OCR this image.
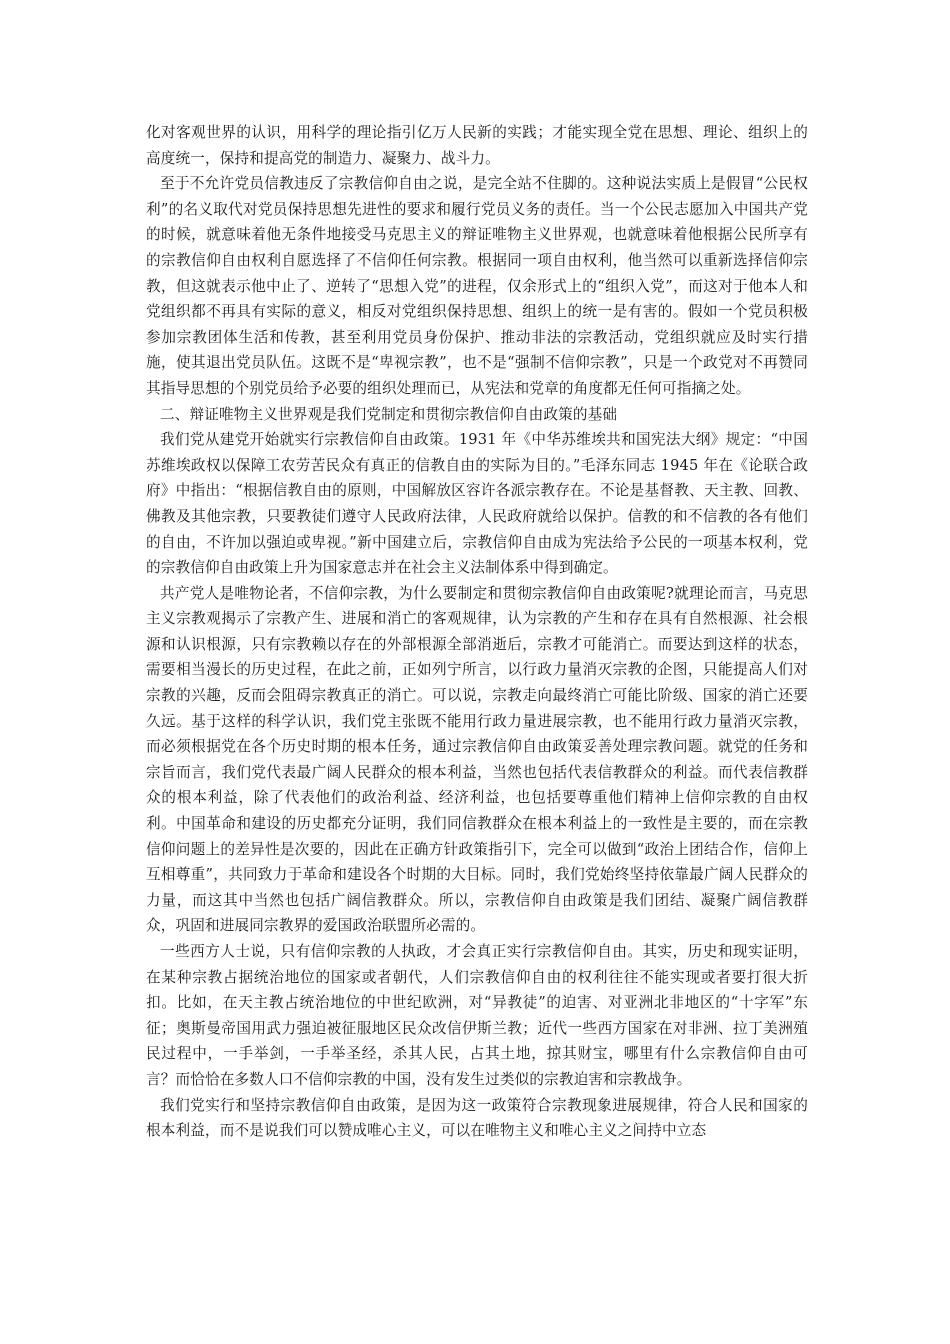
化对客观世界的认识，用科学的理论指引亿万人民新的实践；才能实现全党在思想、理论、组织上的高度统一，保持和提高党的制造力、凝聚力、战斗力。

至于不允许党员信教违反了宗教信仰自由之说，是完全站不住脚的。这种说法实质上是假冒“公民权利”的名义取代对党员保持思想先进性的要求和履行党员义务的责任。当一个公民志愿加入中国共产党的时候，就意味着他无条件地接受马克思主义的辩证唯物主义世界观，也就意味着他根据公民所享有的宗教信仰自由权利自愿选择了不信仰任何宗教。根据同一项自由权利，他当然可以重新选择信仰宗教，但这就表示他中止了、逆转了“思想入党”的进程，仅余形式上的“组织入党”，而这对于他本人和党组织都不再具有实际的意义，相反对党组织保持思想、组织上的统一是有害的。假如一个党员积极参加宗教团体生活和传教，甚至利用党员身份保护、推动非法的宗教活动，党组织就应及时实行措施，使其退出党员队伍。这既不是“卑视宗教”，也不是“强制不信仰宗教”，只是一个政党对不再赞同其指导思想的个别党员给予必要的组织处理而已，从宪法和党章的角度都无任何可指摘之处。

二、辩证唯物主义世界观是我们党制定和贯彻宗教信仰自由政策的基础

我们党从建党开始就实行宗教信仰自由政策。1931 年《中华苏维埃共和国宪法大纲》规定：“中国苏维埃政权以保障工农劳苦民众有真正的信教自由的实际为目的。”毛泽东同志 1945 年在《论联合政府》中指出：“根据信教自由的原则，中国解放区容许各派宗教存在。不论是基督教、天主教、回教、佛教及其他宗教，只要教徒们遵守人民政府法律，人民政府就给以保护。信教的和不信教的各有他们的自由，不许加以强迫或卑视。”新中国建立后，宗教信仰自由成为宪法给予公民的一项基本权利，党的宗教信仰自由政策上升为国家意志并在社会主义法制体系中得到确定。

共产党人是唯物论者，不信仰宗教，为什么要制定和贯彻宗教信仰自由政策呢?就理论而言，马克思主义宗教观揭示了宗教产生、进展和消亡的客观规律，认为宗教的产生和存在具有自然根源、社会根源和认识根源，只有宗教赖以存在的外部根源全部消逝后，宗教才可能消亡。而要达到这样的状态，需要相当漫长的历史过程，在此之前，正如列宁所言，以行政力量消灭宗教的企图，只能提高人们对宗教的兴趣，反而会阻碍宗教真正的消亡。可以说，宗教走向最终消亡可能比阶级、国家的消亡还要久远。基于这样的科学认识，我们党主张既不能用行政力量进展宗教，也不能用行政力量消灭宗教，而必须根据党在各个历史时期的根本任务，通过宗教信仰自由政策妥善处理宗教问题。就党的任务和宗旨而言，我们党代表最广阔人民群众的根本利益，当然也包括代表信教群众的利益。而代表信教群众的根本利益，除了代表他们的政治利益、经济利益，也包括要尊重他们精神上信仰宗教的自由权利。中国革命和建设的历史都充分证明，我们同信教群众在根本利益上的一致性是主要的，而在宗教信仰问题上的差异性是次要的，因此在正确方针政策指引下，完全可以做到“政治上团结合作，信仰上互相尊重”，共同致力于革命和建设各个时期的大目标。同时，我们党始终坚持依靠最广阔人民群众的力量，而这其中当然也包括广阔信教群众。所以，宗教信仰自由政策是我们团结、凝聚广阔信教群众，巩固和进展同宗教界的爱国政治联盟所必需的。

一些西方人士说，只有信仰宗教的人执政，才会真正实行宗教信仰自由。其实，历史和现实证明，在某种宗教占据统治地位的国家或者朝代，人们宗教信仰自由的权利往往不能实现或者要打很大折扣。比如，在天主教占统治地位的中世纪欧洲，对“异教徒”的迫害、对亚洲北非地区的“十字军”东征；奥斯曼帝国用武力强迫被征服地区民众改信伊斯兰教；近代一些西方国家在对非洲、拉丁美洲殖民过程中，一手举剑，一手举圣经，杀其人民，占其土地，掠其财宝，哪里有什么宗教信仰自由可言？而恰恰在多数人口不信仰宗教的中国，没有发生过类似的宗教迫害和宗教战争。

我们党实行和坚持宗教信仰自由政策，是因为这一政策符合宗教现象进展规律，符合人民和国家的根本利益，而不是说我们可以赞成唯心主义，可以在唯物主义和唯心主义之间持中立态
